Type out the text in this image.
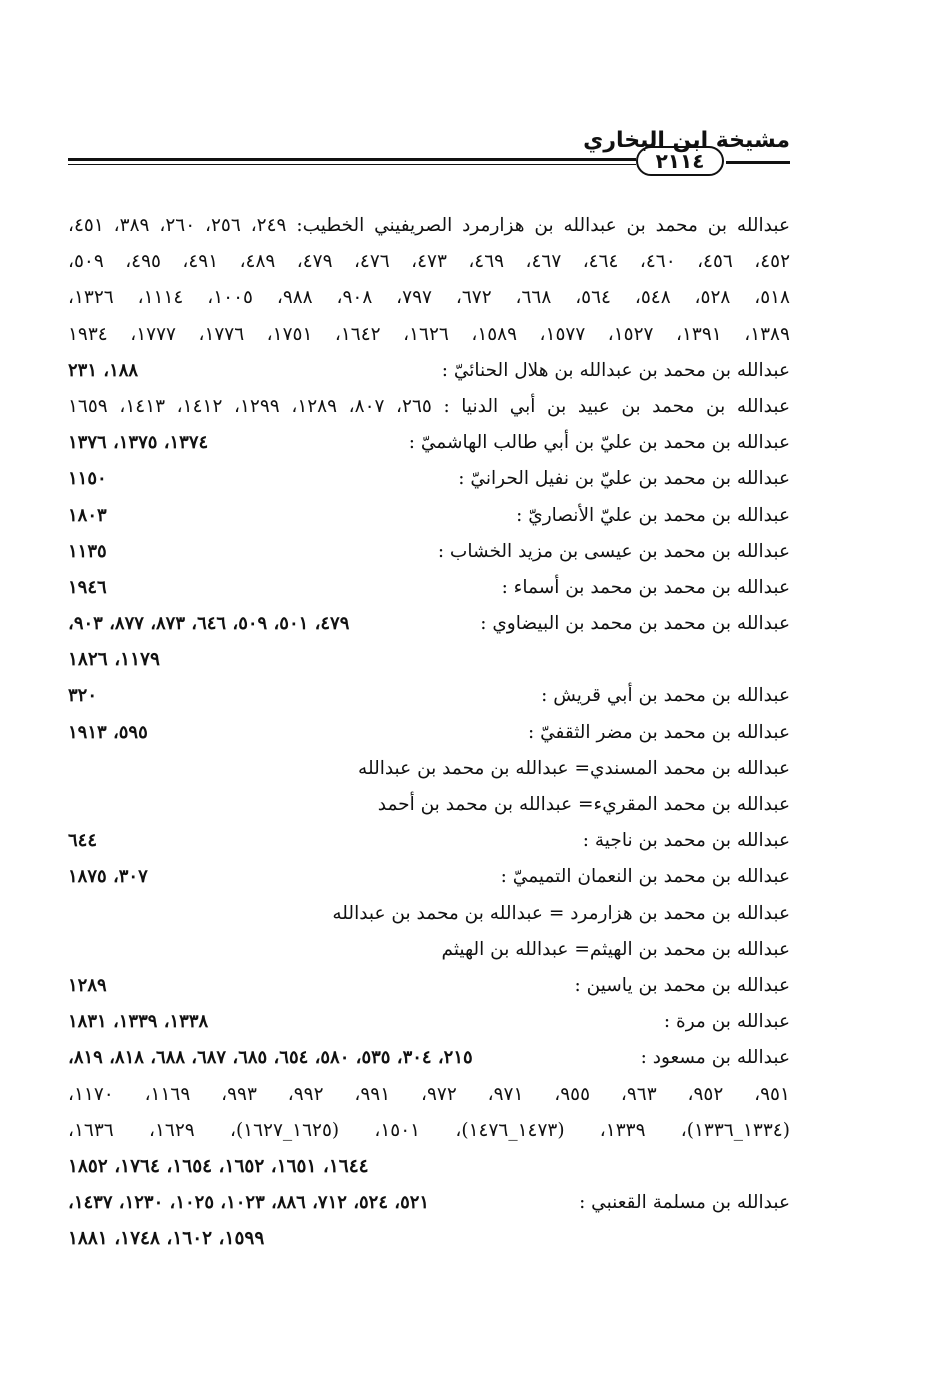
مشيخة ابن البخاري
٢١١٤
عبدالله بن محمد بن عبدالله بن هزارمرد الصريفيني الخطيب: ٢٤٩، ٢٥٦، ٢٦٠، ٣٨٩، ٤٥١،
٤٥٢، ٤٥٦، ٤٦٠، ٤٦٤، ٤٦٧، ٤٦٩، ٤٧٣، ٤٧٦، ٤٧٩، ٤٨٩، ٤٩١، ٤٩٥، ٥٠٩،
٥١٨، ٥٢٨، ٥٤٨، ٥٦٤، ٦٦٨، ٦٧٢، ٧٩٧، ٩٠٨، ٩٨٨، ١٠٠٥، ١١١٤، ١٣٢٦،
١٣٨٩، ١٣٩١، ١٥٢٧، ١٥٧٧، ١٥٨٩، ١٦٢٦، ١٦٤٢، ١٧٥١، ١٧٧٦، ١٧٧٧، ١٩٣٤
عبدالله بن محمد بن عبدالله بن هلال الحنائيّ :
١٨٨، ٢٣١
عبدالله بن محمد بن عبيد بن أبي الدنيا : ٢٦٥، ٨٠٧، ١٢٨٩، ١٢٩٩، ١٤١٢، ١٤١٣، ١٦٥٩
عبدالله بن محمد بن عليّ بن أبي طالب الهاشميّ :
١٣٧٤، ١٣٧٥، ١٣٧٦
عبدالله بن محمد بن عليّ بن نفيل الحرانيّ :
١١٥٠
عبدالله بن محمد بن عليّ الأنصاريّ :
١٨٠٣
عبدالله بن محمد بن عيسى بن مزيد الخشاب :
١١٣٥
عبدالله بن محمد بن محمد بن أسماء :
١٩٤٦
عبدالله بن محمد بن محمد بن البيضاوي :
٤٧٩، ٥٠١، ٥٠٩، ٦٤٦، ٨٧٣، ٨٧٧، ٩٠٣،
١١٧٩، ١٨٢٦
عبدالله بن محمد بن أبي قريش :
٣٢٠
عبدالله بن محمد بن مضر الثقفيّ :
٥٩٥، ١٩١٣
عبدالله بن محمد المسندي= عبدالله بن محمد بن عبدالله
عبدالله بن محمد المقريء= عبدالله بن محمد بن أحمد
عبدالله بن محمد بن ناجية :
٦٤٤
عبدالله بن محمد بن النعمان التميميّ :
٣٠٧، ١٨٧٥
عبدالله بن محمد بن هزارمرد = عبدالله بن محمد بن عبدالله
عبدالله بن محمد بن الهيثم= عبدالله بن الهيثم
عبدالله بن محمد بن ياسين :
١٢٨٩
عبدالله بن مرة :
١٣٣٨، ١٣٣٩، ١٨٣١
عبدالله بن مسعود :
٢١٥، ٣٠٤، ٥٣٥، ٥٨٠، ٦٥٤، ٦٨٥، ٦٨٧، ٦٨٨، ٨١٨، ٨١٩،
٩٥١، ٩٥٢، ٩٦٣، ٩٥٥، ٩٧١، ٩٧٢، ٩٩١، ٩٩٢، ٩٩٣، ١١٦٩، ١١٧٠،
(١٣٣٤_١٣٣٦)، ١٣٣٩، (١٤٧٣_١٤٧٦)، ١٥٠١، (١٦٢٥_١٦٢٧)، ١٦٢٩، ١٦٣٦،
١٦٤٤، ١٦٥١، ١٦٥٢، ١٦٥٤، ١٧٦٤، ١٨٥٢
عبدالله بن مسلمة القعنبي :
٥٢١، ٥٢٤، ٧١٢، ٨٨٦، ١٠٢٣، ١٠٢٥، ١٢٣٠، ١٤٣٧،
١٥٩٩، ١٦٠٢، ١٧٤٨، ١٨٨١
